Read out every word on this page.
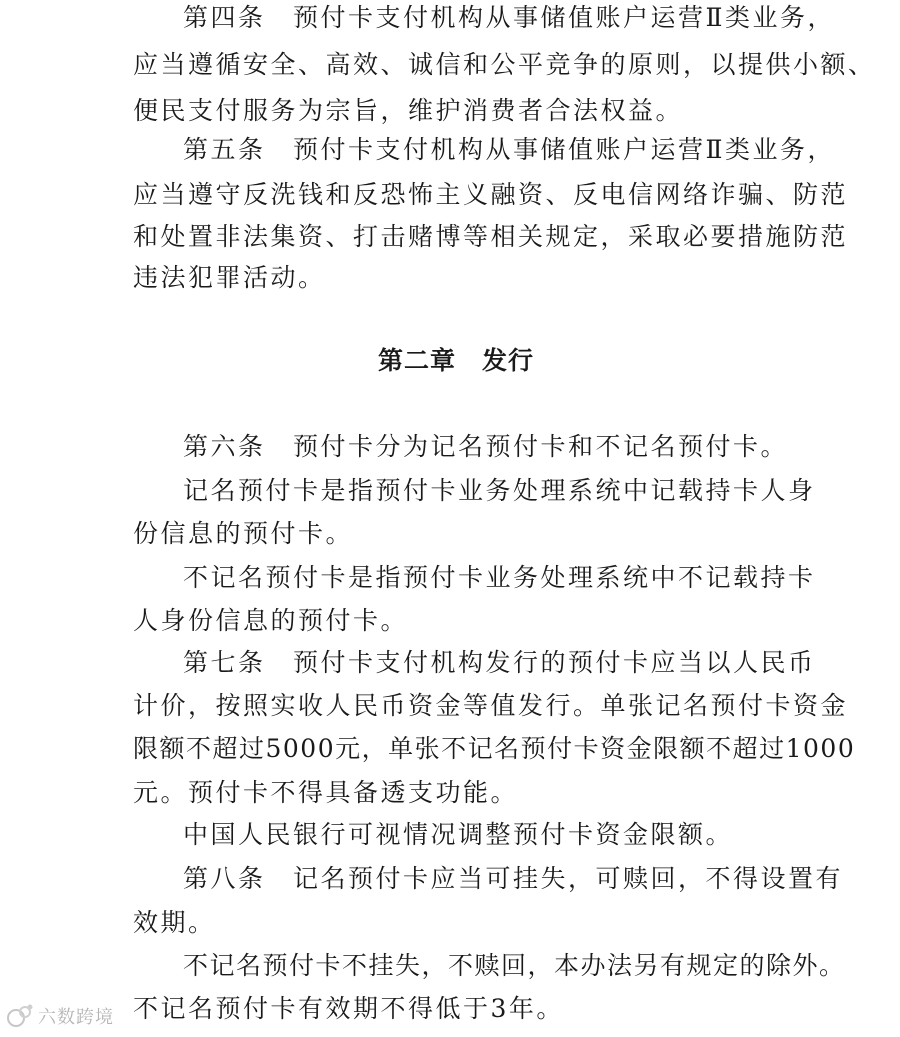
第四条　预付卡支付机构从事储值账户运营Ⅱ类业务，
应当遵循安全、高效、诚信和公平竞争的原则，以提供小额、
便民支付服务为宗旨，维护消费者合法权益。
第五条　预付卡支付机构从事储值账户运营Ⅱ类业务，
应当遵守反洗钱和反恐怖主义融资、反电信网络诈骗、防范
和处置非法集资、打击赌博等相关规定，采取必要措施防范
违法犯罪活动。
第二章　发行
第六条　预付卡分为记名预付卡和不记名预付卡。
记名预付卡是指预付卡业务处理系统中记载持卡人身
份信息的预付卡。
不记名预付卡是指预付卡业务处理系统中不记载持卡
人身份信息的预付卡。
第七条　预付卡支付机构发行的预付卡应当以人民币
计价，按照实收人民币资金等值发行。单张记名预付卡资金
限额不超过5000元，单张不记名预付卡资金限额不超过1000
元。预付卡不得具备透支功能。
中国人民银行可视情况调整预付卡资金限额。
第八条　记名预付卡应当可挂失，可赎回，不得设置有
效期。
不记名预付卡不挂失，不赎回，本办法另有规定的除外。
不记名预付卡有效期不得低于3年。
六数跨境
